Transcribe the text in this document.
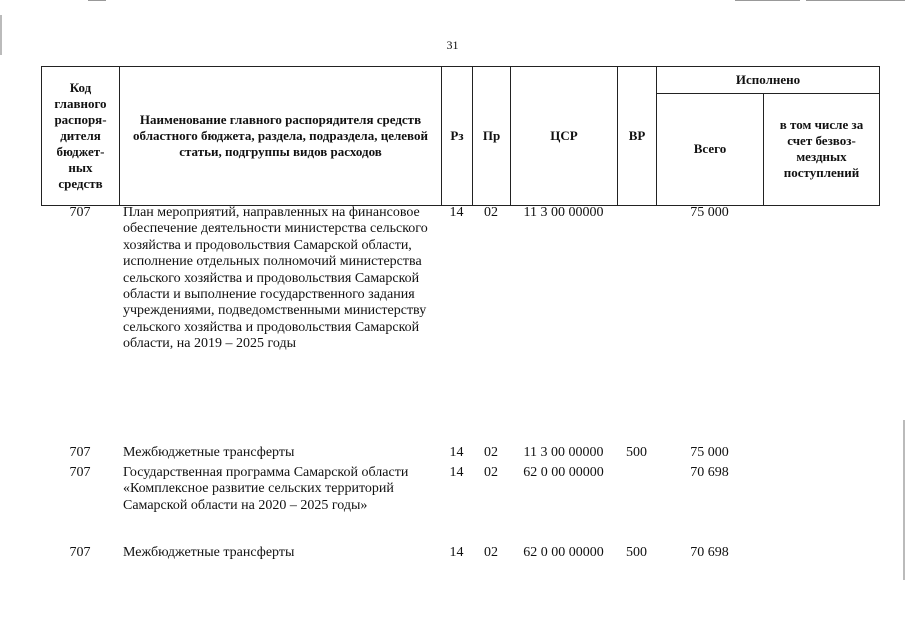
31
Код главного распоря-дителя бюджет-ных средств	Наименование главного распорядителя средств областного бюджета, раздела, подраздела, целевой статьи, подгруппы видов расходов	Рз	Пр	ЦСР	ВР	Исполнено	
						Всего	в том числе за счет безвоз-мездных поступлений
707	План мероприятий, направленных на финансовое обеспечение деятельности министерства сельского хозяйства и продовольствия Самарской области, исполнение отдельных полномочий министерства сельского хозяйства и продовольствия Самарской области и выполнение государственного задания учреждениями, подведомственными министерству сельского хозяйства и продовольствия Самарской области, на 2019 – 2025 годы	14	02	11 3 00 00000		75 000	
707	Межбюджетные трансферты	14	02	11 3 00 00000	500	75 000	
707	Государственная программа Самарской области «Комплексное развитие сельских территорий Самарской области на 2020 – 2025 годы»	14	02	62 0 00 00000		70 698	
707	Межбюджетные трансферты	14	02	62 0 00 00000	500	70 698	
